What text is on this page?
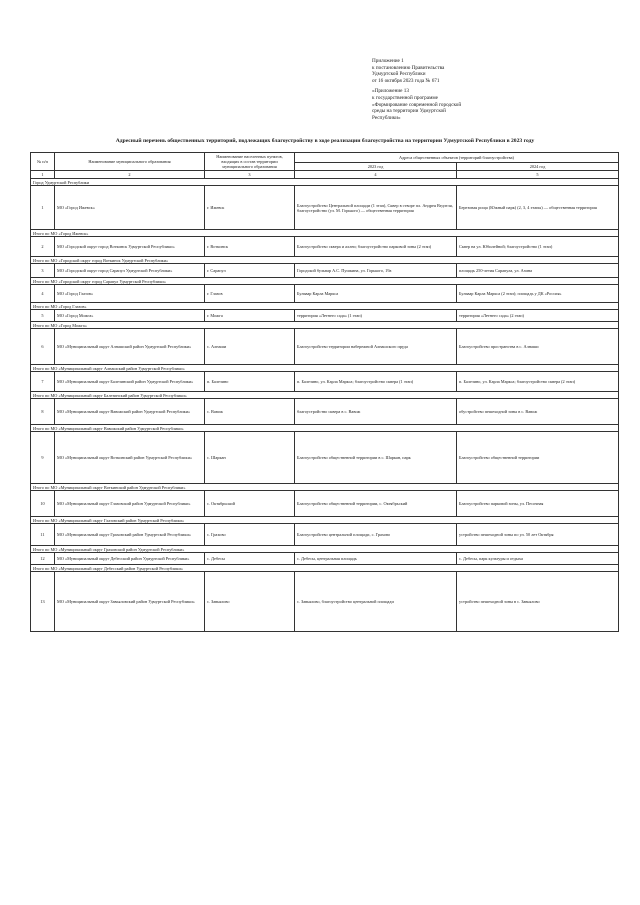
Приложение 1
к постановлению Правительства
Удмуртской Республики
от 16 октября 2023 года № 671
«Приложение 13
к государственной программе
«Формирование современной городской
среды на территории Удмуртской
Республики»
Адресный перечень общественных территорий, подлежащих благоустройству в ходе реализации благоустройства на территории Удмуртской Республики в 2023 году
№ п/п	Наименование муниципального образования	Наименование населенных пунктов, входящих в состав территории муниципального образования	Адреса общественных объектов (территорий благоустройства)	
			2023 год	2024 год
1	2	3	4	5
Город Удмуртской Республики				
1	МО «Город Ижевск»	г. Ижевск	Благоустройство Центральной площади (1 этап), Сквер в створе пл. Андрея Ведзеля, благоустройство (ул. М. Горького) — общественная территория	Березовая роща (Южный парк) (2, 3, 4 этапы) — общественная территория
Итого по МО «Город Ижевск»				
2	МО «Городской округ город Воткинск Удмуртской Республики»	г. Воткинск	Благоустройство сквера и аллеи; благоустройство парковой зоны (2 этап)	Сквер на ул. Юбилейной; благоустройство (1 этап)
Итого по МО «Городской округ город Воткинск Удмуртской Республики»				
3	МО «Городской округ город Сарапул Удмуртской Республики»	г. Сарапул	Городской бульвар А.С. Пушкина, ул. Горького, 19а	площадь 250-летия Сарапула, ул. Азина
Итого по МО «Городской округ город Сарапул Удмуртской Республики»				
4	МО «Город Глазов»	г. Глазов	Бульвар Карла Маркса	Бульвар Карла Маркса (2 этап); площадь у ДК «Россия»
Итого по МО «Город Глазов»				
5	МО «Город Можга»	г. Можга	территория «Летнего сада» (1 этап)	территория «Летнего сада» (2 этап)
Итого по МО «Город Можга»				
6	МО «Муниципальный округ Алнашский район Удмуртской Республики»	с. Алнаши	Благоустройство территории набережной Алнашского пруда	Благоустройство пространства в с. Алнаши
Итого по МО «Муниципальный округ Алнашский район Удмуртской Республики»				
7	МО «Муниципальный округ Балезинский район Удмуртской Республики»	п. Балезино	п. Балезино, ул. Карла Маркса; благоустройство сквера (1 этап)	п. Балезино, ул. Карла Маркса; благоустройство сквера (2 этап)
Итого по МО «Муниципальный округ Балезинский район Удмуртской Республики»				
8	МО «Муниципальный округ Вавожский район Удмуртской Республики»	с. Вавож	благоустройство сквера в с. Вавож	обустройство пешеходной зоны в с. Вавож
Итого по МО «Муниципальный округ Вавожский район Удмуртской Республики»				
9	МО «Муниципальный округ Воткинский район Удмуртской Республики»	с. Шаркан	Благоустройство общественной территории в с. Шаркан, парк	Благоустройство общественной территории
Итого по МО «Муниципальный округ Воткинский район Удмуртской Республики»				
10	МО «Муниципальный округ Глазовский район Удмуртской Республики»	с. Октябрьский	Благоустройство общественной территории, с. Октябрьский	Благоустройство парковой зоны, ул. Песочная
Итого по МО «Муниципальный округ Глазовский район Удмуртской Республики»				
11	МО «Муниципальный округ Граховский район Удмуртской Республики»	с. Грахово	Благоустройство центральной площади, с. Грахово	устройство пешеходной зоны по ул. 50 лет Октября
Итого по МО «Муниципальный округ Граховский район Удмуртской Республики»				
12	МО «Муниципальный округ Дебесский район Удмуртской Республики»	с. Дебесы	с. Дебесы, центральная площадь	с. Дебесы, парк культуры и отдыха
Итого по МО «Муниципальный округ Дебесский район Удмуртской Республики»				
13	МО «Муниципальный округ Завьяловский район Удмуртской Республики»	с. Завьялово	с. Завьялово, благоустройство центральной площади	устройство пешеходной зоны в с. Завьялово
